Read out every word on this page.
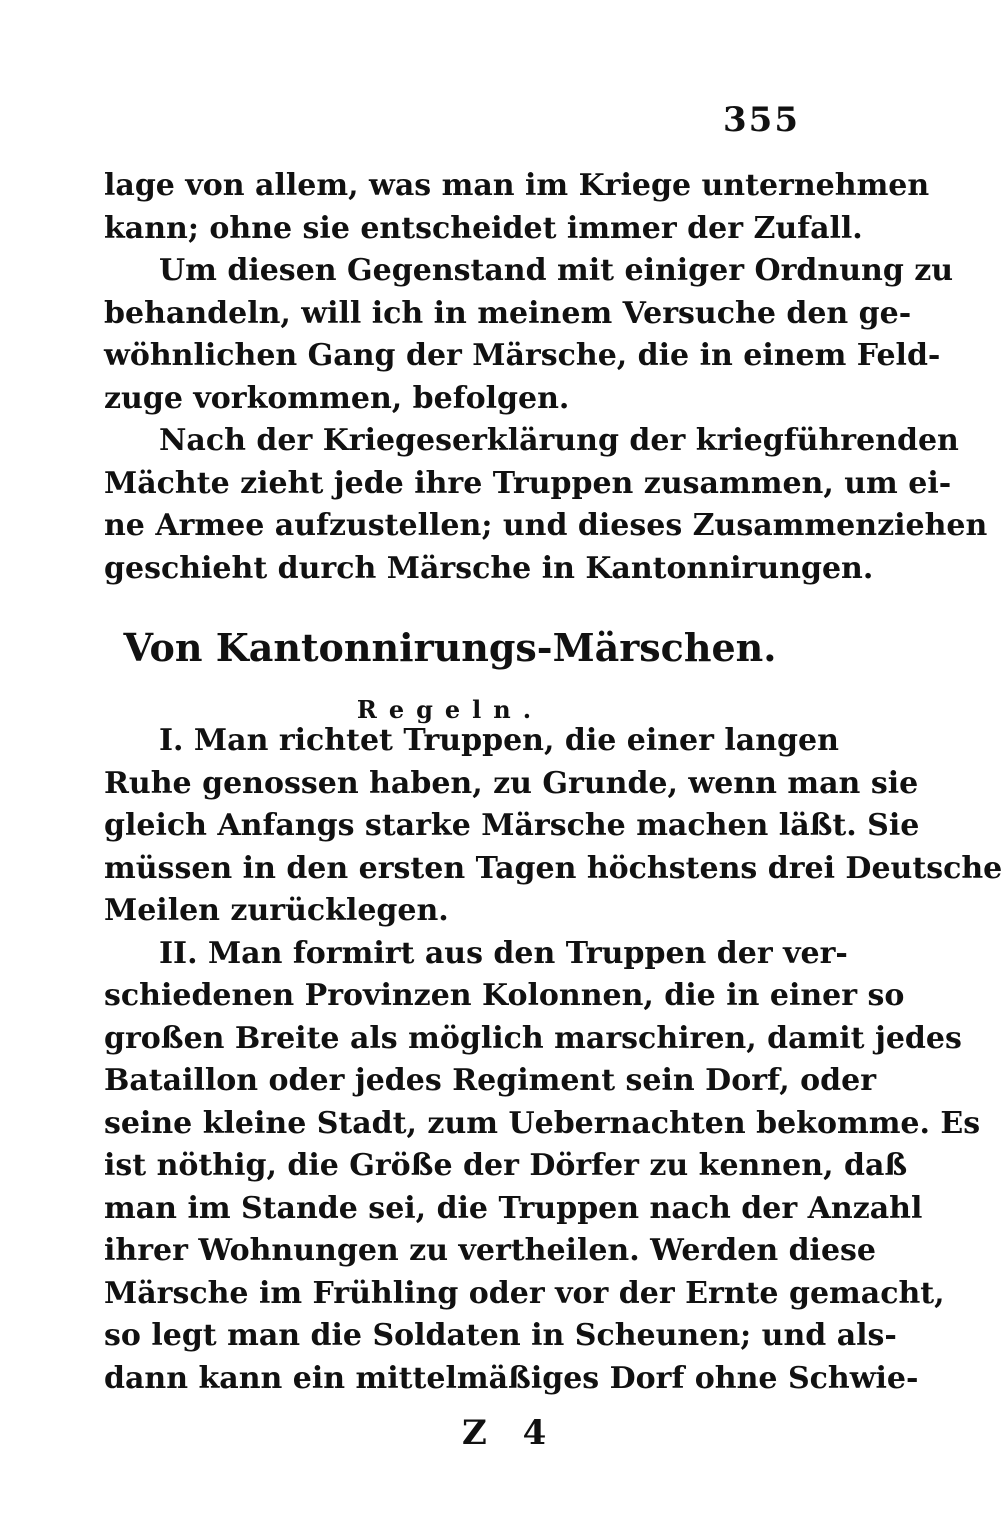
355
lage von allem, was man im Kriege unternehmen
kann; ohne sie entscheidet immer der Zufall.
Um diesen Gegenstand mit einiger Ordnung zu
behandeln, will ich in meinem Versuche den ge-
wöhnlichen Gang der Märsche, die in einem Feld-
zuge vorkommen, befolgen.
Nach der Kriegeserklärung der kriegführenden
Mächte zieht jede ihre Truppen zusammen, um ei-
ne Armee aufzustellen; und dieses Zusammenziehen
geschieht durch Märsche in Kantonnirungen.
Von Kantonnirungs-Märschen.
Regeln.
I. Man richtet Truppen, die einer langen
Ruhe genossen haben, zu Grunde, wenn man sie
gleich Anfangs starke Märsche machen läßt. Sie
müssen in den ersten Tagen höchstens drei Deutsche
Meilen zurücklegen.
II. Man formirt aus den Truppen der ver-
schiedenen Provinzen Kolonnen, die in einer so
großen Breite als möglich marschiren, damit jedes
Bataillon oder jedes Regiment sein Dorf, oder
seine kleine Stadt, zum Uebernachten bekomme. Es
ist nöthig, die Größe der Dörfer zu kennen, daß
man im Stande sei, die Truppen nach der Anzahl
ihrer Wohnungen zu vertheilen. Werden diese
Märsche im Frühling oder vor der Ernte gemacht,
so legt man die Soldaten in Scheunen; und als-
dann kann ein mittelmäßiges Dorf ohne Schwie-
Z 4
